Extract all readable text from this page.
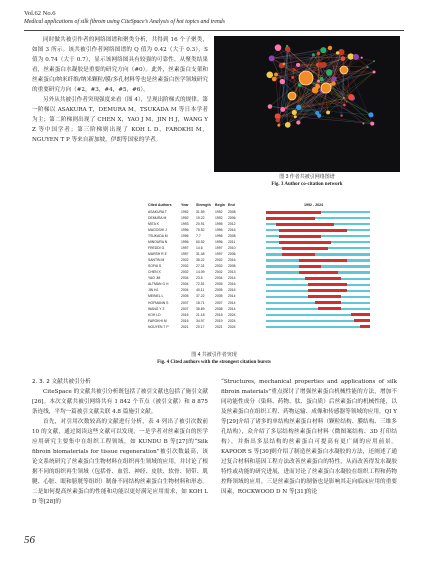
Vol.62 No.6
Medical applications of silk fibroin using CiteSpace’s Analysis of hot topics and trends

同时做共被引作者的网络图谱和聚类分析，共得到 16 个子聚类，如图 3 所示。该共被引作者网络图谱的 Q 值为 0.42（大于 0.3），S 值为 0.74（大于 0.7），显示该网络图具有较强的可靠性。从聚类结果看，丝素蛋白水凝胶是重要的研究方向（#0）。此外，丝素蛋白支架和丝素蛋白/纳米纤维/纳米颗粒/膜/多孔材料等也是丝素蛋白医学领域研究的重要研究方向（#2，#3，#4，#5，#6）。

另外从共被引作者突现强度来看（图 4），呈现出阶梯式的规律。第一阶梯以 ASAKURA T，DEMURA M，TSUKADA M 等日本学者为主；第二阶梯则出现了 CHEN X，YAO J M，JIN H J，WANG Y Z 等中国学者；第三阶梯则出现了 KOH L D，FAROKHI M，NGUYEN T P 等来自新加坡，伊朗等国家的学者。

图 3 作者共被引网络图谱
Fig. 3 Author co-citation network
Cited Authors	Year Strength Begin End	1992 - 2024
ASAKURA T	1992 31.59	1992 2008
DEMURA M	1992 19.22	1992 2006
MITA K	1993 20.91	1995 2012
MAGOSHI J	1996 75.52	1996 2016
TSUKADA M	1996 7.7	1996 2008
MINOURA N	1996 60.52	1996 2011
FREDDI G	1997 14.6	1997 2010
MARSH R E	1997 31.48	1997 2006
SANTIN M	2002 35.22	2002 2016
SOFIA S	2002 27.31	2002 2008
CHEN X	2002 14.09	2002 2013
YAO JM	2004 23.5	2004 2014
ALTMAN G H	2004 72.51	2005 2016
JIN HJ	2004 40.11	2005 2016
MEINEL L	2005 37.22	2005 2014
HOFMANN S	2007 18.71	2007 2014
WANG Y Z	2007 35.69	2008 2014
KOH LD	2016 21.18	2018 2024
FAROKHI M	2016 34.97	2019 2024
NGUYEN T P	2021 20.17	2021 2024
图 4 共被引作者突现
Fig. 4 Cited authors with the strongest citation bursts

2. 3. 2 文献共被引分析

CiteSpace 的文献共被引分析既包括了被引文献也包括了施引文献[26]。本次文献共被引网络共有 1 842 个节点（被引文献）和 8 875 条连线，平均一篇被引文献关联 4.8 篇施引文献。

首先，对引用次数较高的文献进行分析，表 4 列出了被引次数前 10 的文献，通过阅读这些文献可以发现，一是学者对丝素蛋白的医学应用研究主要集中在组织工程领域，如 KUNDU B 等[27]的“Silk fibroin biomaterials for tissue regeneration”被引次数最高，该论文系统研究了丝素蛋白生物材料在组织再生领域的应用，并讨论了根据不同的组织再生领域（包括骨、血管、神经、皮肤、软骨、韧带、肌腱、心脏、眼和膀胱等组织）制备不同结构丝素蛋白生物材料和形态。二是如何提高丝素蛋白的性能和功能以更好满足应用需求，如 KOH L D 等[28]的

“Structures, mechanical properties and applications of silk fibroin materials”重点探讨了增强丝素蛋白机械性能的方法，增加不同功能性成分（染料、药物、肽、蛋白质）后丝素蛋白的机械性能，以及丝素蛋白在组织工程、药物运输、成像和传感器等领域的应用。QI Y 等[29]介绍了诸多的单结构丝素蛋白材料（颗粒结构、膜结构、三维多孔结构），众介绍了多层结构丝素蛋白材料（微图案结构、3D 打印结构），并指出多层结构的丝素蛋白可提高有更广阔的应用前景。KAPOOR S 等[30]则介绍了制造丝素蛋白水凝胶的方法，还阐述了通过复合材料和基因工程方法改善丝素蛋白的特性，从而改善得发水凝胶特性或功能的研究进展，进而讨论了丝素蛋白水凝胶在组织工程和药物控释领域的应用。三是丝素蛋白的制备也是影响其走向临床应用的重要因素，ROCKWOOD D N 等[31]的论

56
